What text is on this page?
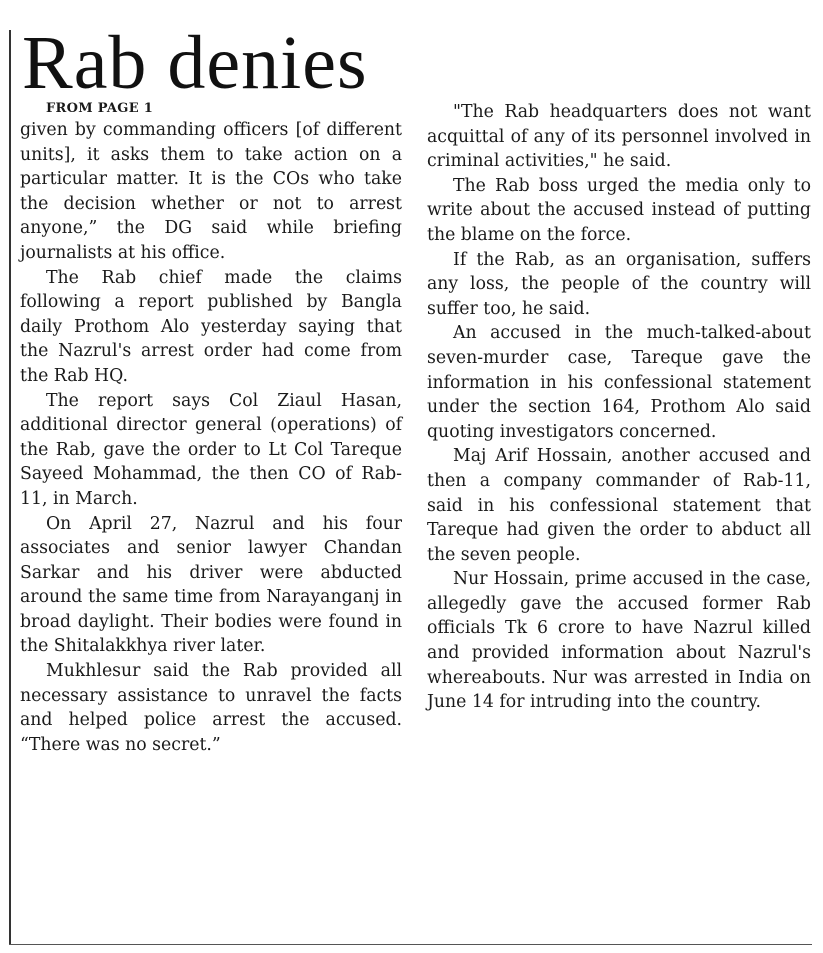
Rab denies

FROM PAGE 1

given by commanding officers [of different units], it asks them to take action on a particular matter. It is the COs who take the decision whether or not to arrest anyone,” the DG said while briefing journalists at his office.

The Rab chief made the claims following a report published by Bangla daily Prothom Alo yesterday saying that the Nazrul's arrest order had come from the Rab HQ.

The report says Col Ziaul Hasan, additional director general (operations) of the Rab, gave the order to Lt Col Tareque Sayeed Mohammad, the then CO of Rab-11, in March.

On April 27, Nazrul and his four associates and senior lawyer Chandan Sarkar and his driver were abducted around the same time from Narayanganj in broad daylight. Their bodies were found in the Shitalakkhya river later.

Mukhlesur said the Rab provided all necessary assistance to unravel the facts and helped police arrest the accused. “There was no secret.”

"The Rab headquarters does not want acquittal of any of its personnel involved in criminal activities," he said.

The Rab boss urged the media only to write about the accused instead of putting the blame on the force.

If the Rab, as an organisation, suffers any loss, the people of the country will suffer too, he said.

An accused in the much-talked-about seven-murder case, Tareque gave the information in his confessional statement under the section 164, Prothom Alo said quoting investigators concerned.

Maj Arif Hossain, another accused and then a company commander of Rab-11, said in his confessional statement that Tareque had given the order to abduct all the seven people.

Nur Hossain, prime accused in the case, allegedly gave the accused former Rab officials Tk 6 crore to have Nazrul killed and provided information about Nazrul's whereabouts. Nur was arrested in India on June 14 for intruding into the country.
